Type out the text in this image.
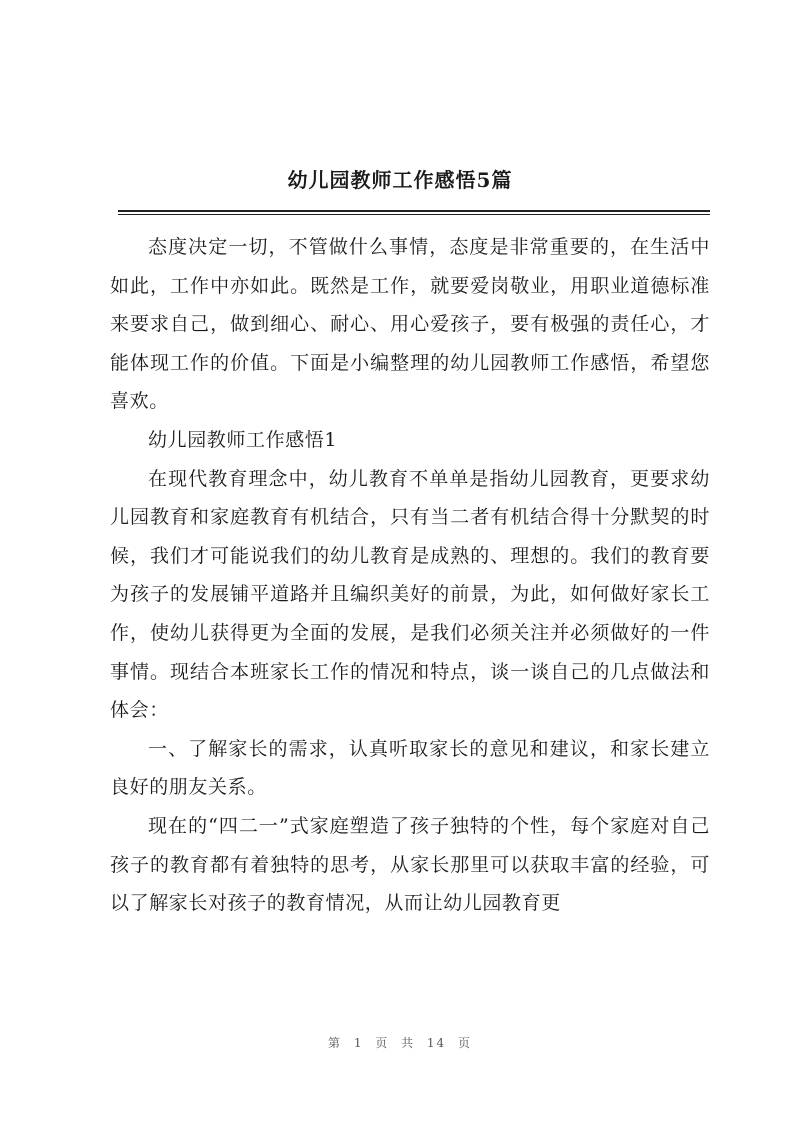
幼儿园教师工作感悟5篇

态度决定一切，不管做什么事情，态度是非常重要的，在生活中如此，工作中亦如此。既然是工作，就要爱岗敬业，用职业道德标准来要求自己，做到细心、耐心、用心爱孩子，要有极强的责任心，才能体现工作的价值。下面是小编整理的幼儿园教师工作感悟，希望您喜欢。

幼儿园教师工作感悟1

在现代教育理念中，幼儿教育不单单是指幼儿园教育，更要求幼儿园教育和家庭教育有机结合，只有当二者有机结合得十分默契的时候，我们才可能说我们的幼儿教育是成熟的、理想的。我们的教育要为孩子的发展铺平道路并且编织美好的前景，为此，如何做好家长工作，使幼儿获得更为全面的发展，是我们必须关注并必须做好的一件事情。现结合本班家长工作的情况和特点，谈一谈自己的几点做法和体会：

一、了解家长的需求，认真听取家长的意见和建议，和家长建立良好的朋友关系。

现在的“四二一”式家庭塑造了孩子独特的个性，每个家庭对自己孩子的教育都有着独特的思考，从家长那里可以获取丰富的经验，可以了解家长对孩子的教育情况，从而让幼儿园教育更

第 1 页 共 14 页
